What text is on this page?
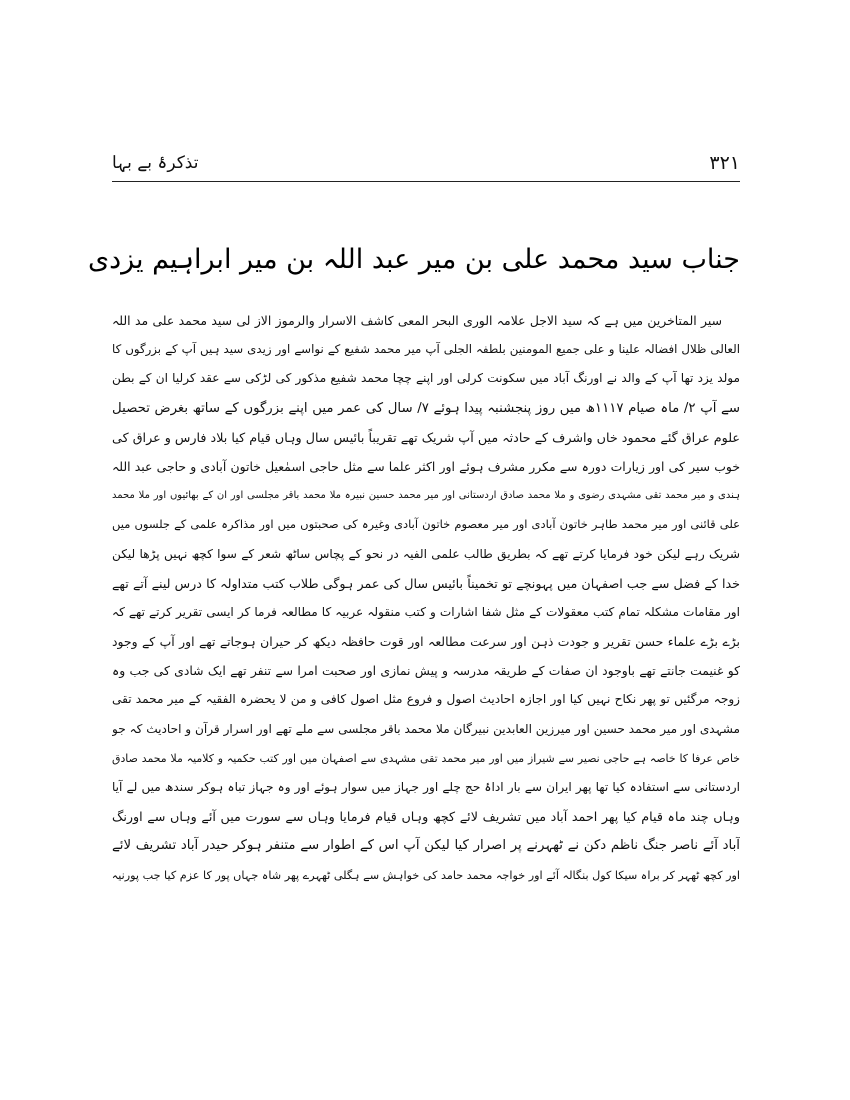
۳۲۱
تذکرۂ بے بہا
جناب سید محمد علی بن میر عبد اللہ بن میر ابراہیم یزدی
سیر المتاخرین میں ہے کہ سید الاجل علامہ الوری البحر المعی کاشف الاسرار والرموز الاز لی سید محمد علی مد اللہ
العالی ظلال افضالہ علینا و علی جمیع المومنین بلطفہ الجلی آپ میر محمد شفیع کے نواسے اور زیدی سید ہیں آپ کے بزرگوں کا
مولد یزد تھا آپ کے والد نے اورنگ آباد میں سکونت کرلی اور اپنے چچا محمد شفیع مذکور کی لڑکی سے عقد کرلیا ان کے بطن
سے آپ ۲/ ماہ صیام ۱۱۱۷ھ میں روز پنجشنبہ پیدا ہوئے ۷/ سال کی عمر میں اپنے بزرگوں کے ساتھ بغرض تحصیل
علوم عراق گئے محمود خاں واشرف کے حادثہ میں آپ شریک تھے تقریباً بائیس سال وہاں قیام کیا بلاد فارس و عراق کی
خوب سیر کی اور زیارات دورہ سے مکرر مشرف ہوئے اور اکثر علما سے مثل حاجی اسمٰعیل خاتون آبادی و حاجی عبد اللہ
ہندی و میر محمد تقی مشہدی رضوی و ملا محمد صادق اردستانی اور میر محمد حسین نبیرہ ملا محمد باقر مجلسی اور ان کے بھائیوں اور ملا محمد
علی قائنی اور میر محمد طاہر خاتون آبادی اور میر معصوم خاتون آبادی وغیرہ کی صحبتوں میں اور مذاکرہ علمی کے جلسوں میں
شریک رہے لیکن خود فرمایا کرتے تھے کہ بطریق طالب علمی الفیہ در نحو کے پچاس ساٹھ شعر کے سوا کچھ نہیں پڑھا لیکن
خدا کے فضل سے جب اصفہان میں پہونچے تو تخمیناً بائیس سال کی عمر ہوگی طلاب کتب متداولہ کا درس لینے آتے تھے
اور مقامات مشکلہ تمام کتب معقولات کے مثل شفا اشارات و کتب منقولہ عربیہ کا مطالعہ فرما کر ایسی تقریر کرتے تھے کہ
بڑے بڑے علماء حسن تقریر و جودت ذہن اور سرعت مطالعہ اور قوت حافظہ دیکھ کر حیران ہوجاتے تھے اور آپ کے وجود
کو غنیمت جانتے تھے باوجود ان صفات کے طریقہ مدرسہ و پیش نمازی اور صحبت امرا سے تنفر تھے ایک شادی کی جب وہ
زوجہ مرگئیں تو پھر نکاح نہیں کیا اور اجازہ احادیث اصول و فروع مثل اصول کافی و من لا یحضرہ الفقیہ کے میر محمد تقی
مشہدی اور میر محمد حسین اور میرزین العابدین نبیرگان ملا محمد باقر مجلسی سے ملے تھے اور اسرار قرآن و احادیث کہ جو
خاص عرفا کا خاصہ ہے حاجی نصیر سے شیراز میں اور میر محمد تقی مشہدی سے اصفہان میں اور کتب حکمیہ و کلامیہ ملا محمد صادق
اردستانی سے استفادہ کیا تھا پھر ایران سے بار اداۂ حج چلے اور جہاز میں سوار ہوئے اور وہ جہاز تباہ ہوکر سندھ میں لے آیا
وہاں چند ماہ قیام کیا پھر احمد آباد میں تشریف لائے کچھ وہاں قیام فرمایا وہاں سے سورت میں آئے وہاں سے اورنگ
آباد آئے ناصر جنگ ناظم دکن نے ٹھہرنے پر اصرار کیا لیکن آپ اس کے اطوار سے متنفر ہوکر حیدر آباد تشریف لائے
اور کچھ ٹھہر کر براہ سیکا کول بنگالہ آئے اور خواجہ محمد حامد کی خواہش سے ہگلی ٹھہرے پھر شاہ جہاں پور کا عزم کیا جب پورنیہ
